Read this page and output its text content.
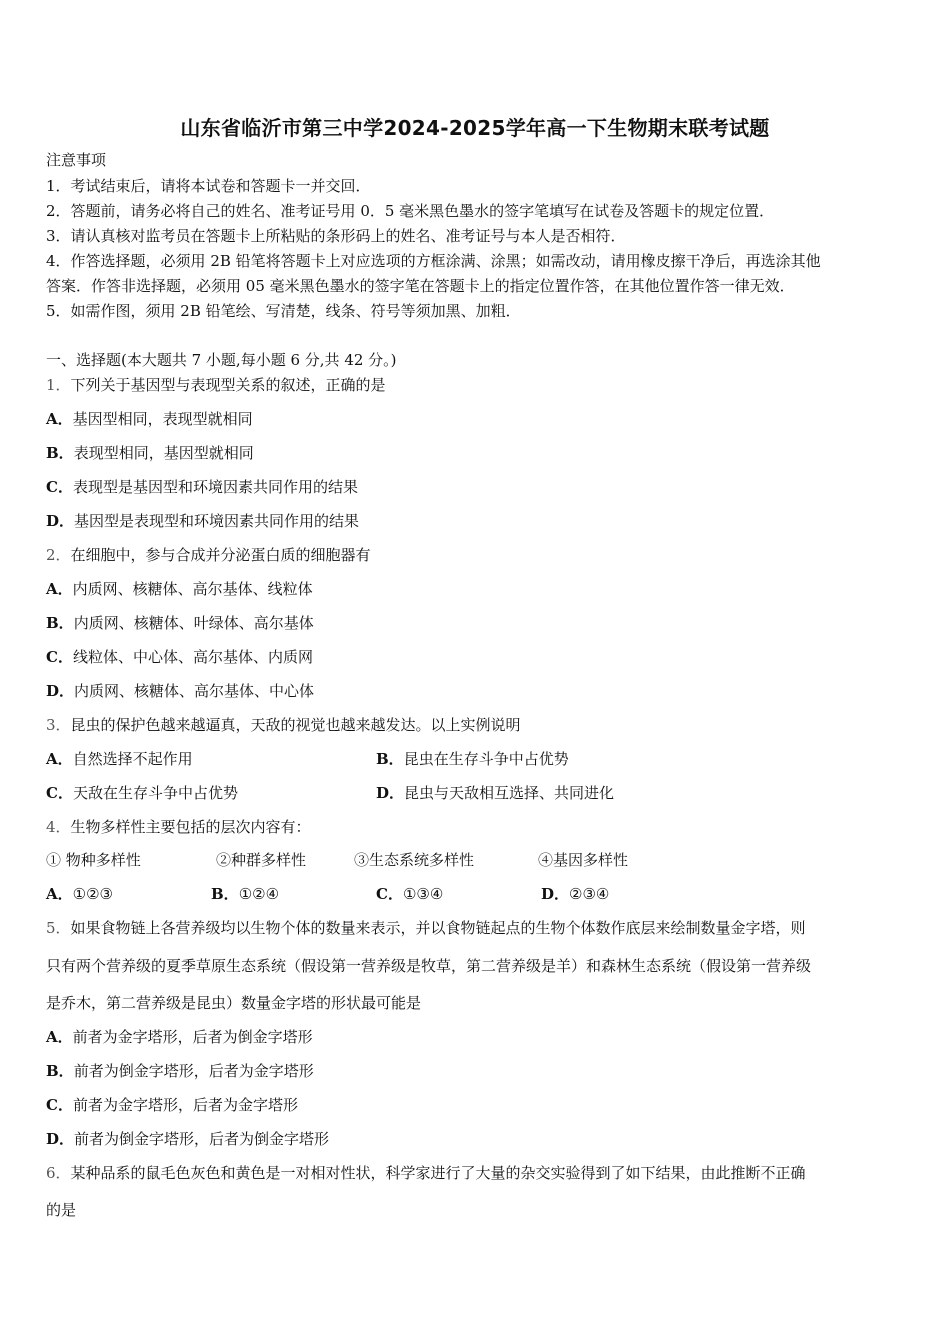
山东省临沂市第三中学2024-2025学年高一下生物期末联考试题
注意事项
1．考试结束后，请将本试卷和答题卡一并交回．
2．答题前，请务必将自己的姓名、准考证号用 0．5 毫米黑色墨水的签字笔填写在试卷及答题卡的规定位置．
3．请认真核对监考员在答题卡上所粘贴的条形码上的姓名、准考证号与本人是否相符．
4．作答选择题，必须用 2B 铅笔将答题卡上对应选项的方框涂满、涂黑；如需改动，请用橡皮擦干净后，再选涂其他
答案．作答非选择题，必须用 05 毫米黑色墨水的签字笔在答题卡上的指定位置作答，在其他位置作答一律无效．
5．如需作图，须用 2B 铅笔绘、写清楚，线条、符号等须加黑、加粗．
一、选择题(本大题共 7 小题,每小题 6 分,共 42 分。)
1．下列关于基因型与表现型关系的叙述，正确的是
A．基因型相同，表现型就相同
B．表现型相同，基因型就相同
C．表现型是基因型和环境因素共同作用的结果
D．基因型是表现型和环境因素共同作用的结果
2．在细胞中，参与合成并分泌蛋白质的细胞器有
A．内质网、核糖体、高尔基体、线粒体
B．内质网、核糖体、叶绿体、高尔基体
C．线粒体、中心体、高尔基体、内质网
D．内质网、核糖体、高尔基体、中心体
3．昆虫的保护色越来越逼真，天敌的视觉也越来越发达。以上实例说明
A．自然选择不起作用	B．昆虫在生存斗争中占优势
C．天敌在生存斗争中占优势	D．昆虫与天敌相互选择、共同进化
4．生物多样性主要包括的层次内容有：
① 物种多样性	②种群多样性	③生态系统多样性	④基因多样性
A．①②③	B．①②④	C．①③④	D．②③④
5．如果食物链上各营养级均以生物个体的数量来表示，并以食物链起点的生物个体数作底层来绘制数量金字塔，则
只有两个营养级的夏季草原生态系统（假设第一营养级是牧草，第二营养级是羊）和森林生态系统（假设第一营养级
是乔木，第二营养级是昆虫）数量金字塔的形状最可能是
A．前者为金字塔形，后者为倒金字塔形
B．前者为倒金字塔形，后者为金字塔形
C．前者为金字塔形，后者为金字塔形
D．前者为倒金字塔形，后者为倒金字塔形
6．某种品系的鼠毛色灰色和黄色是一对相对性状，科学家进行了大量的杂交实验得到了如下结果，由此推断不正确
的是
